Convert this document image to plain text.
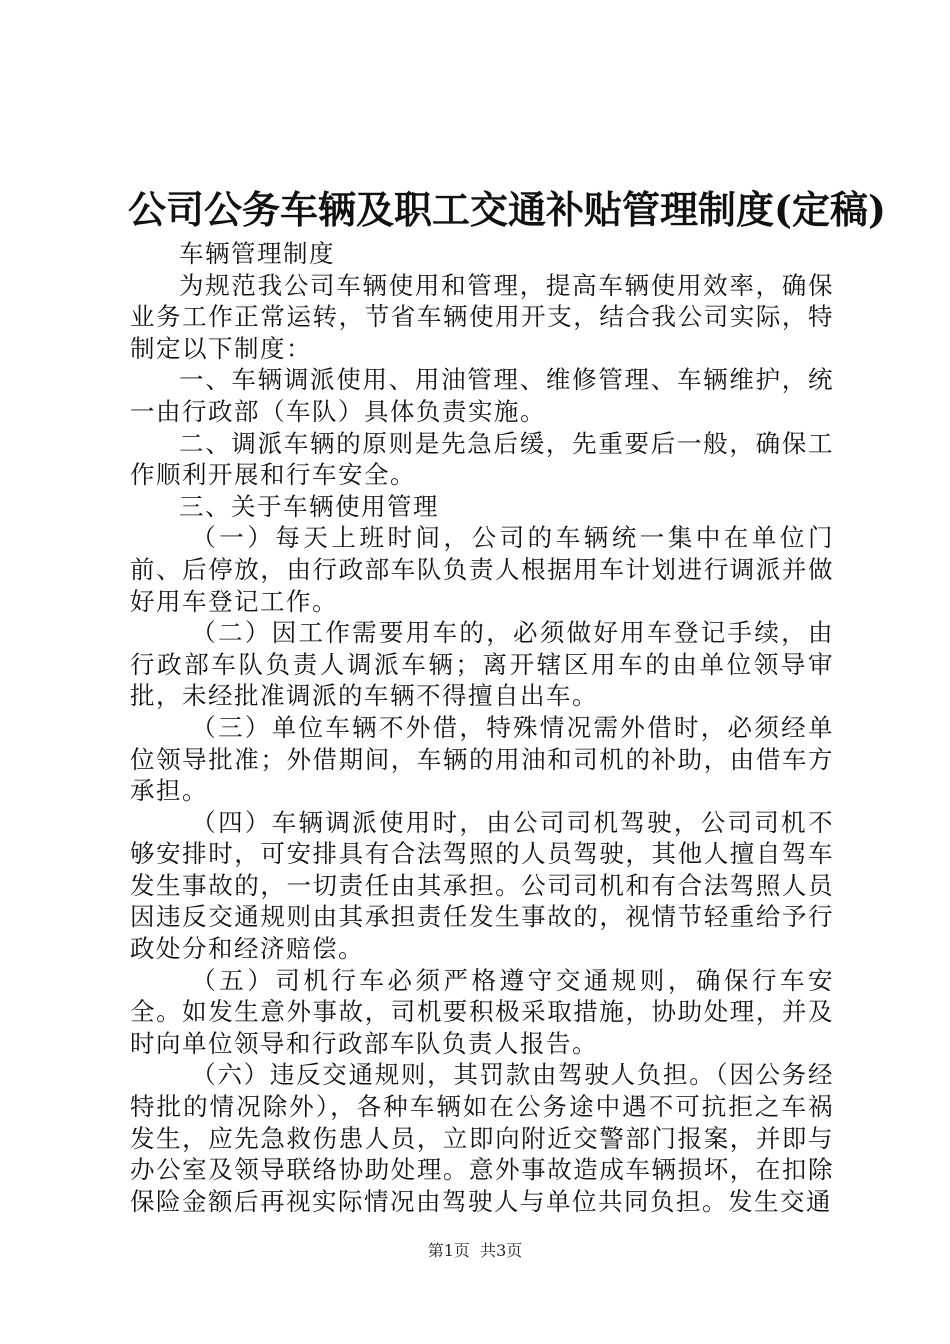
公司公务车辆及职工交通补贴管理制度(定稿)

车辆管理制度

为规范我公司车辆使用和管理，提高车辆使用效率，确保业务工作正常运转，节省车辆使用开支，结合我公司实际，特制定以下制度：

一、车辆调派使用、用油管理、维修管理、车辆维护，统一由行政部（车队）具体负责实施。

二、调派车辆的原则是先急后缓，先重要后一般，确保工作顺利开展和行车安全。

三、关于车辆使用管理

（一）每天上班时间，公司的车辆统一集中在单位门前、后停放，由行政部车队负责人根据用车计划进行调派并做好用车登记工作。

（二）因工作需要用车的，必须做好用车登记手续，由行政部车队负责人调派车辆；离开辖区用车的由单位领导审批，未经批准调派的车辆不得擅自出车。

（三）单位车辆不外借，特殊情况需外借时，必须经单位领导批准；外借期间，车辆的用油和司机的补助，由借车方承担。

（四）车辆调派使用时，由公司司机驾驶，公司司机不够安排时，可安排具有合法驾照的人员驾驶，其他人擅自驾车发生事故的，一切责任由其承担。公司司机和有合法驾照人员因违反交通规则由其承担责任发生事故的，视情节轻重给予行政处分和经济赔偿。

（五）司机行车必须严格遵守交通规则，确保行车安全。如发生意外事故，司机要积极采取措施，协助处理，并及时向单位领导和行政部车队负责人报告。

（六）违反交通规则，其罚款由驾驶人负担。（因公务经特批的情况除外），各种车辆如在公务途中遇不可抗拒之车祸发生，应先急救伤患人员，立即向附近交警部门报案，并即与办公室及领导联络协助处理。意外事故造成车辆损坏，在扣除保险金额后再视实际情况由驾驶人与单位共同负担。发生交通

第1页  共3页
